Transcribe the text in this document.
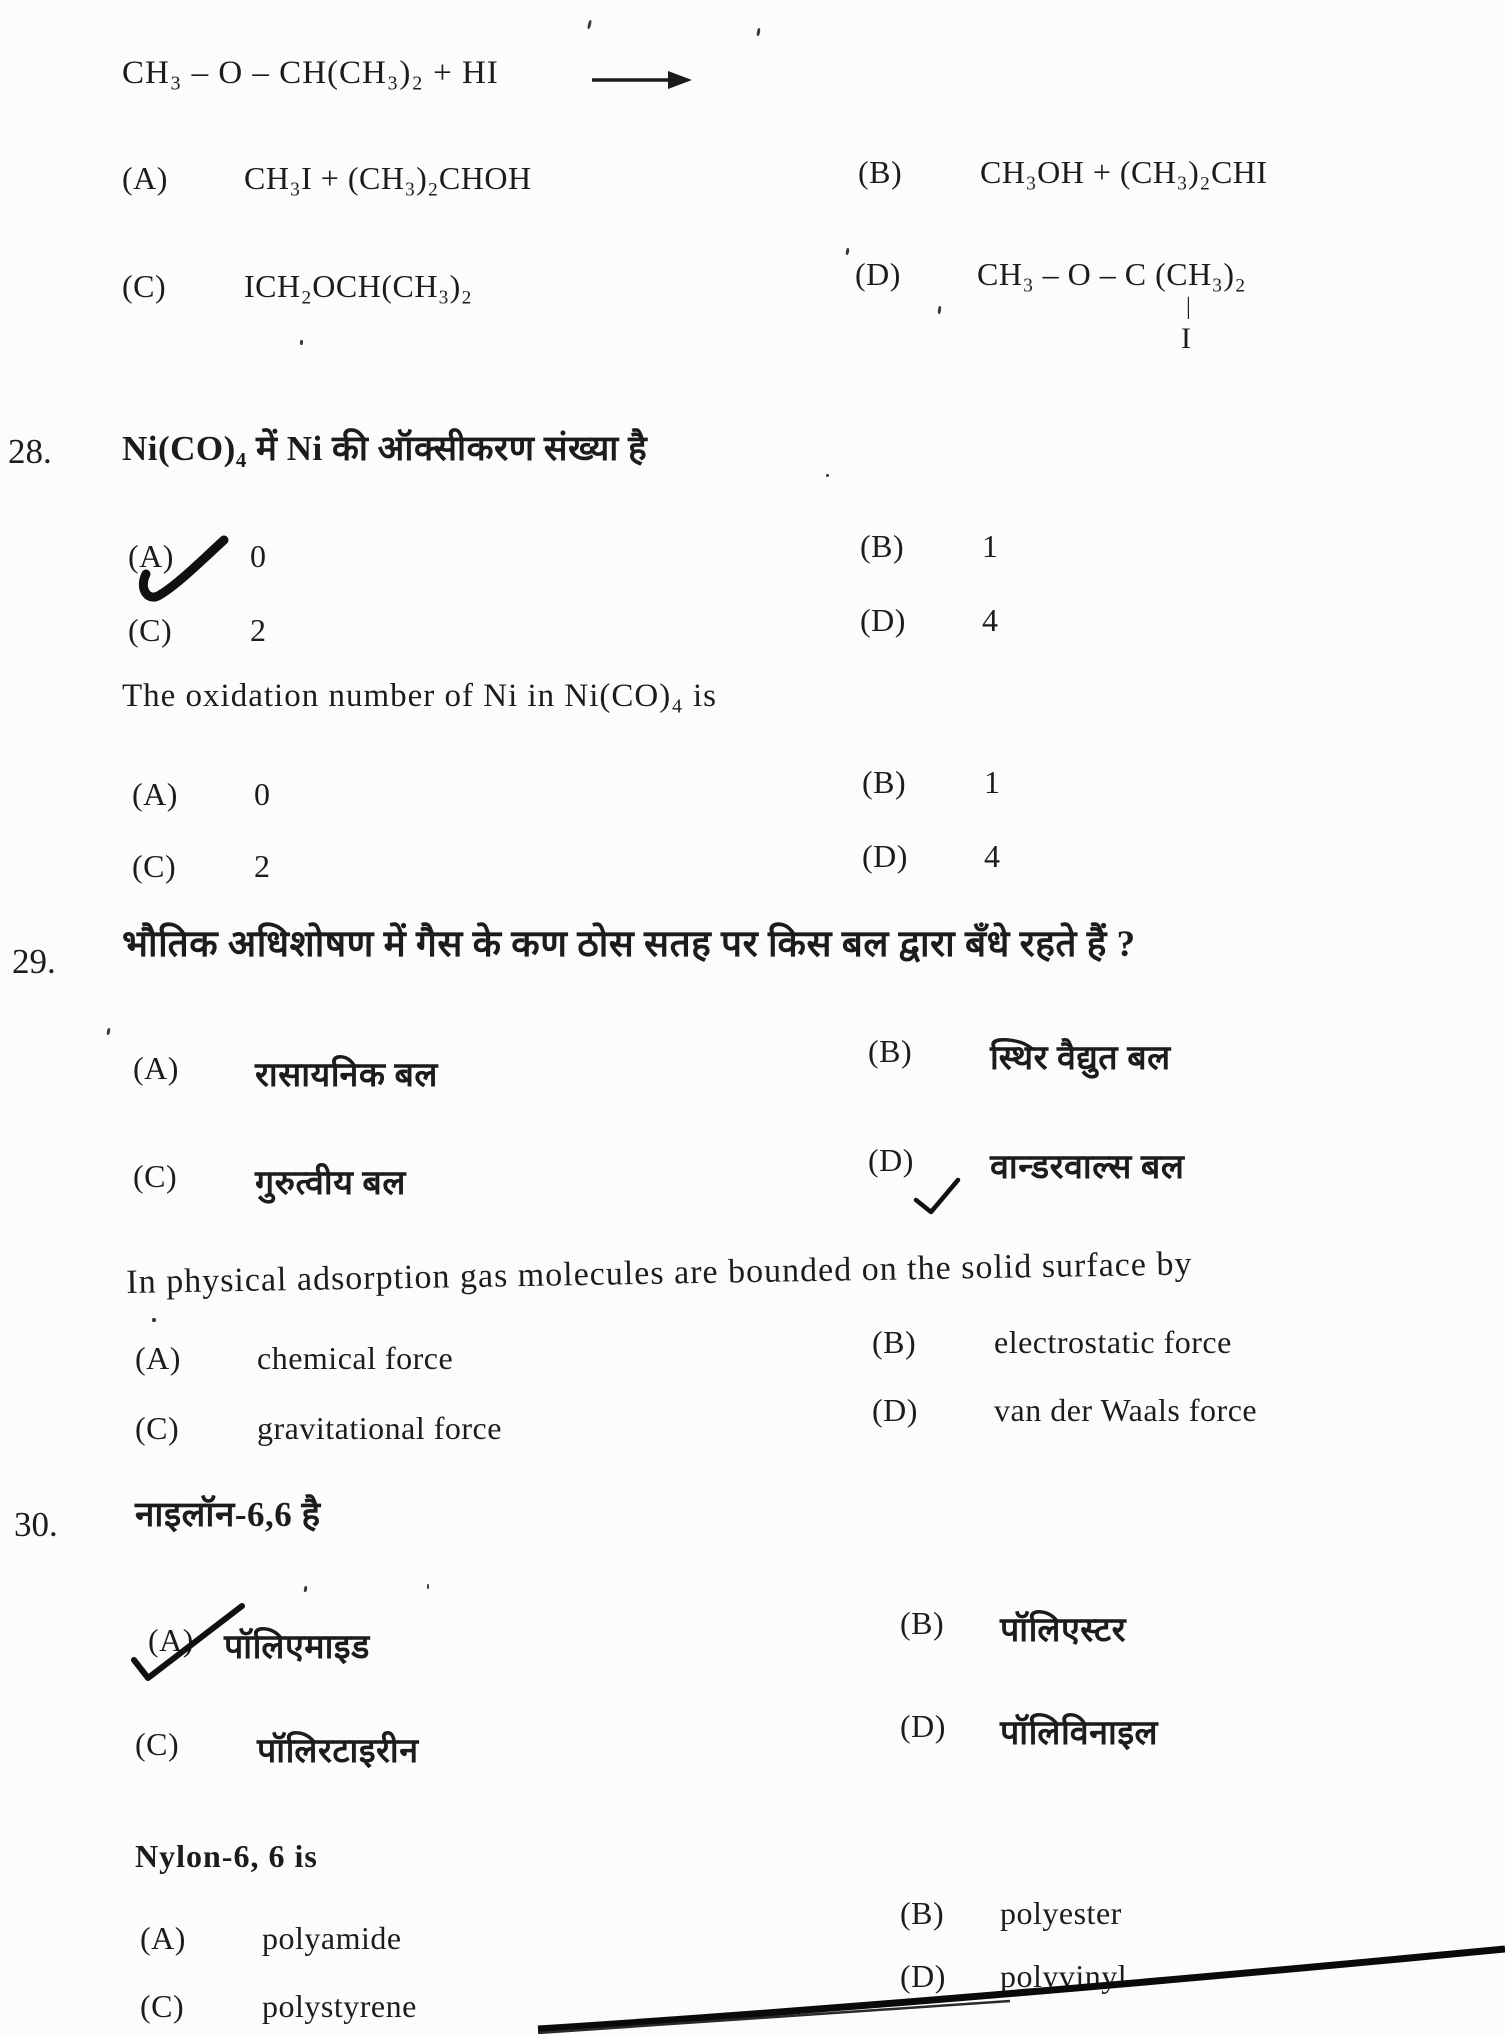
CH₃ – O – CH(CH₃)₂ + HI
(A)	CH₃I + (CH₃)₂CHOH	(B)	CH₃OH + (CH₃)₂CHI
(C)	ICH₂OCH(CH₃)₂	(D)	CH₃ – O – C (CH₃)₂
|
I
28. Ni(CO)₄ में Ni की ऑक्सीकरण संख्या है
(A)	0	(B)	1
(C)	2	(D)	4
The oxidation number of Ni in Ni(CO)₄ is
(A)	0	(B)	1
(C)	2	(D)	4
29. भौतिक अधिशोषण में गैस के कण ठोस सतह पर किस बल द्वारा बँधे रहते हैं ?
(A)	रासायनिक बल
(B)	स्थिर वैद्युत बल
(C)	गुरुत्वीय बल
(D)	वान्डरवाल्स बल
In physical adsorption gas molecules are bounded on the solid surface by
(A)	chemical force	(B)	electrostatic force
(C)	gravitational force	(D)	van der Waals force
30. नाइलॉन-6,6 है
(A) पॉलिएमाइड
(B)	पॉलिएस्टर
(C)	पॉलिरटाइरीन
(D)	पॉलिविनाइल
Nylon-6, 6 is
(A)	polyamide
(B)	polyester
(C)	polystyrene
(D)	polyvinyl
